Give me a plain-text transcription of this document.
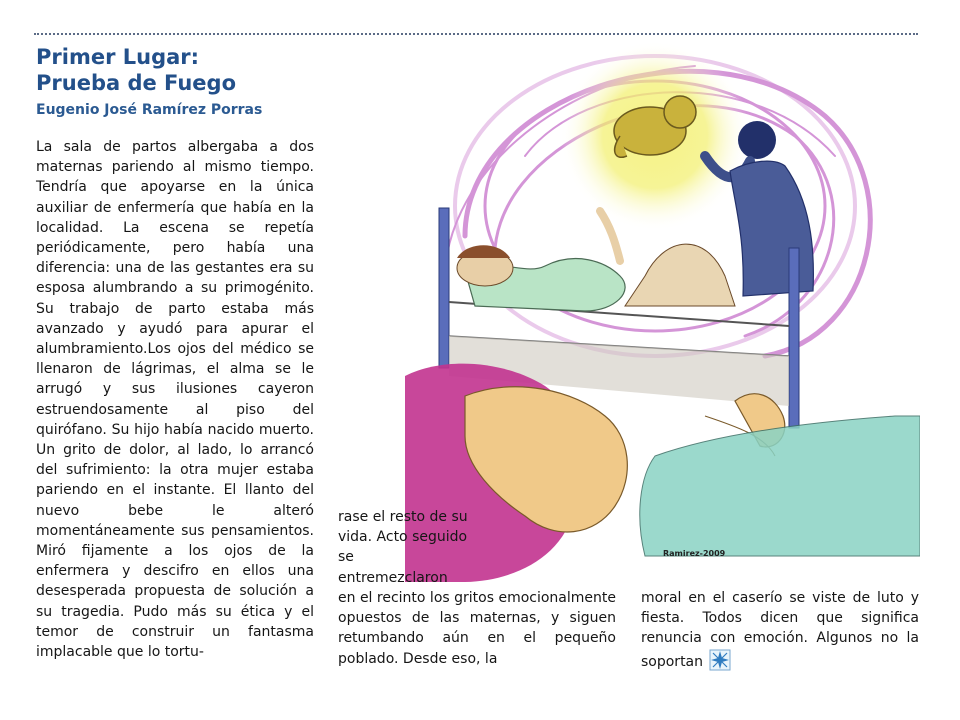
Primer Lugar:
Prueba de Fuego

Eugenio José Ramírez Porras

La sala de partos albergaba a dos maternas pariendo al mismo tiempo. Tendría que apoyarse en la única auxiliar de enfermería que había en la localidad. La escena se repetía periódicamente, pero había una diferencia: una de las gestantes era su esposa alumbrando a su primogénito. Su trabajo de parto estaba más avanzado y ayudó para apurar el alumbramiento.Los ojos del médico se llenaron de lágrimas, el alma se le arrugó y sus ilusiones cayeron estruendosamente al piso del quirófano. Su hijo había nacido muerto. Un grito de dolor, al lado, lo arrancó del sufrimiento: la otra mujer estaba pariendo en el instante. El llanto del nuevo bebe le alteró momentáneamente sus pensamientos. Miró fijamente a los ojos de la enfermera y descifro en ellos una desesperada propuesta de solución a su tragedia. Pudo más su ética y el temor de construir un fantasma implacable que lo tortu-

Ramirez-2009

rase el resto de su vida. Acto seguido se entremezclaron

en el recinto los gritos emocionalmente opuestos de las maternas, y siguen retumbando aún en el pequeño poblado. Desde eso, la

moral en el caserío se viste de luto y fiesta. Todos dicen que significa renuncia con emoción. Algunos no la soportan
